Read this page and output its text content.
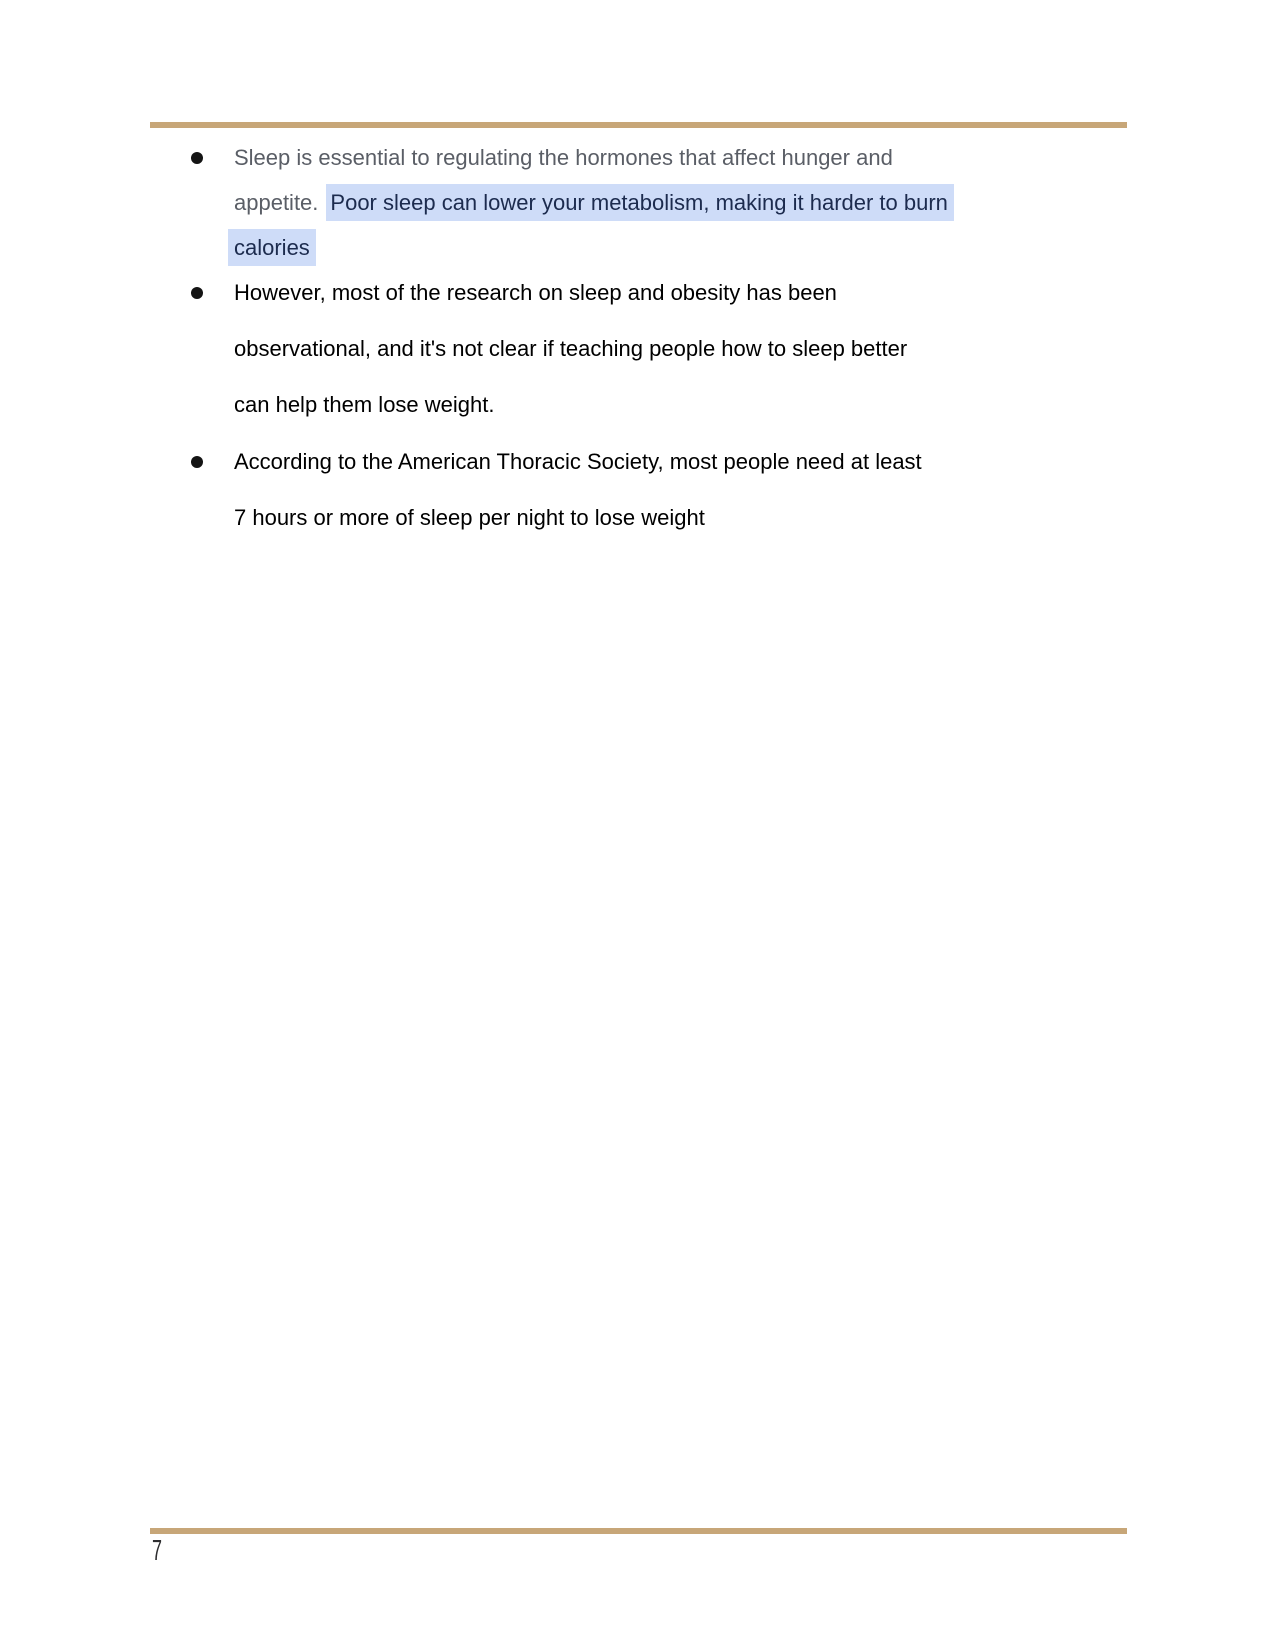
Sleep is essential to regulating the hormones that affect hunger and
appetite. Poor sleep can lower your metabolism, making it harder to burn
calories
However, most of the research on sleep and obesity has been
observational, and it's not clear if teaching people how to sleep better
can help them lose weight.
According to the American Thoracic Society, most people need at least
7 hours or more of sleep per night to lose weight
7
